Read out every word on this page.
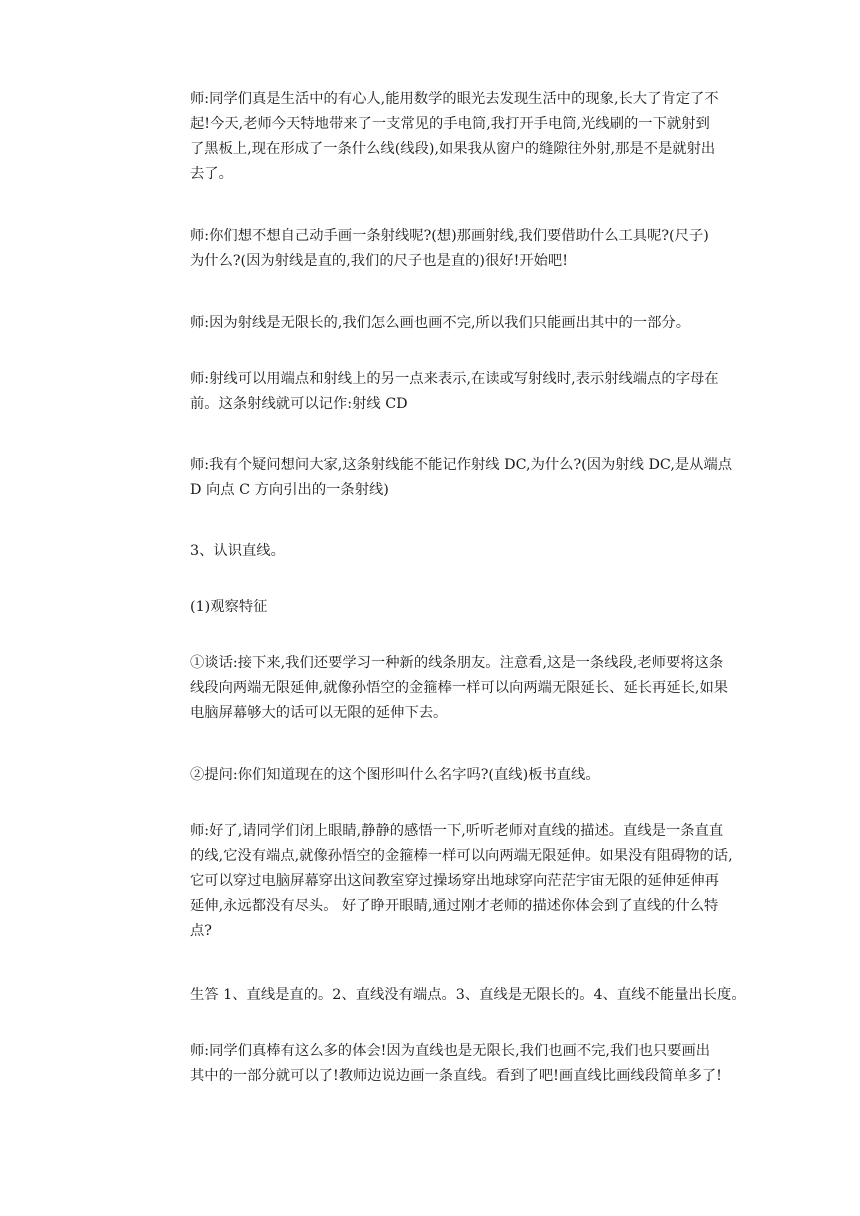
师:同学们真是生活中的有心人,能用数学的眼光去发现生活中的现象,长大了肯定了不
起!今天,老师今天特地带来了一支常见的手电筒,我打开手电筒,光线刷的一下就射到
了黑板上,现在形成了一条什么线(线段),如果我从窗户的缝隙往外射,那是不是就射出
去了。
师:你们想不想自己动手画一条射线呢?(想)那画射线,我们要借助什么工具呢?(尺子)
为什么?(因为射线是直的,我们的尺子也是直的)很好!开始吧!
师:因为射线是无限长的,我们怎么画也画不完,所以我们只能画出其中的一部分。
师:射线可以用端点和射线上的另一点来表示,在读或写射线时,表示射线端点的字母在
前。这条射线就可以记作:射线 CD
师:我有个疑问想问大家,这条射线能不能记作射线 DC,为什么?(因为射线 DC,是从端点
D 向点 C 方向引出的一条射线)
3、认识直线。
(1)观察特征
①谈话:接下来,我们还要学习一种新的线条朋友。注意看,这是一条线段,老师要将这条
线段向两端无限延伸,就像孙悟空的金箍棒一样可以向两端无限延长、延长再延长,如果
电脑屏幕够大的话可以无限的延伸下去。
②提问:你们知道现在的这个图形叫什么名字吗?(直线)板书直线。
师:好了,请同学们闭上眼睛,静静的感悟一下,听听老师对直线的描述。直线是一条直直
的线,它没有端点,就像孙悟空的金箍棒一样可以向两端无限延伸。如果没有阻碍物的话,
它可以穿过电脑屏幕穿出这间教室穿过操场穿出地球穿向茫茫宇宙无限的延伸延伸再
延伸,永远都没有尽头。 好了睁开眼睛,通过刚才老师的描述你体会到了直线的什么特
点?
生答 1、直线是直的。2、直线没有端点。3、直线是无限长的。4、直线不能量出长度。
师:同学们真棒有这么多的体会!因为直线也是无限长,我们也画不完,我们也只要画出
其中的一部分就可以了!教师边说边画一条直线。看到了吧!画直线比画线段简单多了!
